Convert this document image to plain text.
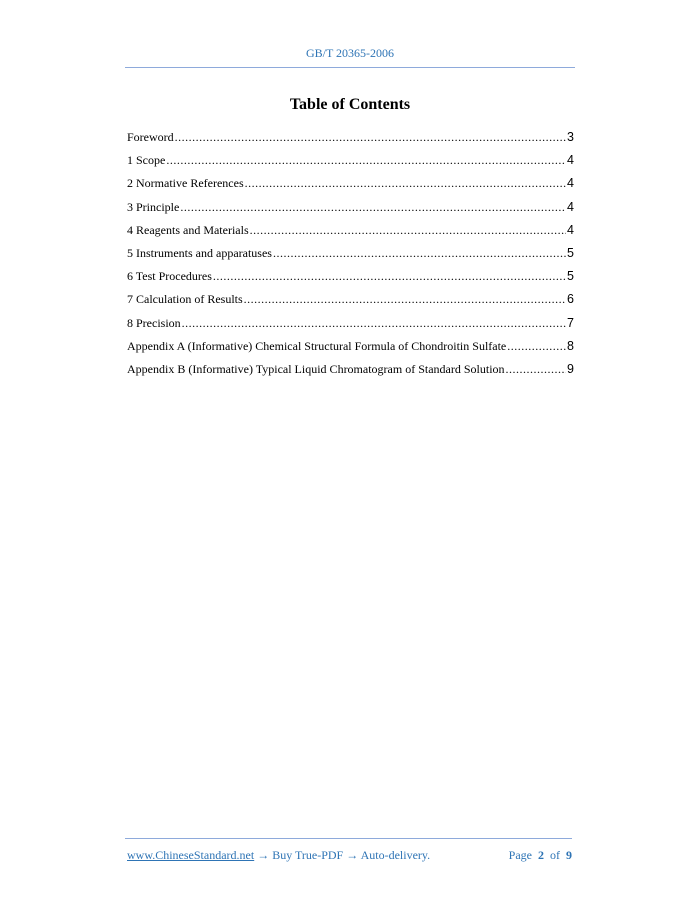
GB/T 20365-2006
Table of Contents
Foreword .....	3
1 Scope .....	4
2 Normative References .....	4
3 Principle .....	4
4 Reagents and Materials .....	4
5 Instruments and apparatuses .....	5
6 Test Procedures .....	5
7 Calculation of Results .....	6
8 Precision .....	7
Appendix A (Informative) Chemical Structural Formula of Chondroitin Sulfate .....	8
Appendix B (Informative) Typical Liquid Chromatogram of Standard Solution .....	9
www.ChineseStandard.net → Buy True-PDF → Auto-delivery.	Page 2 of 9
